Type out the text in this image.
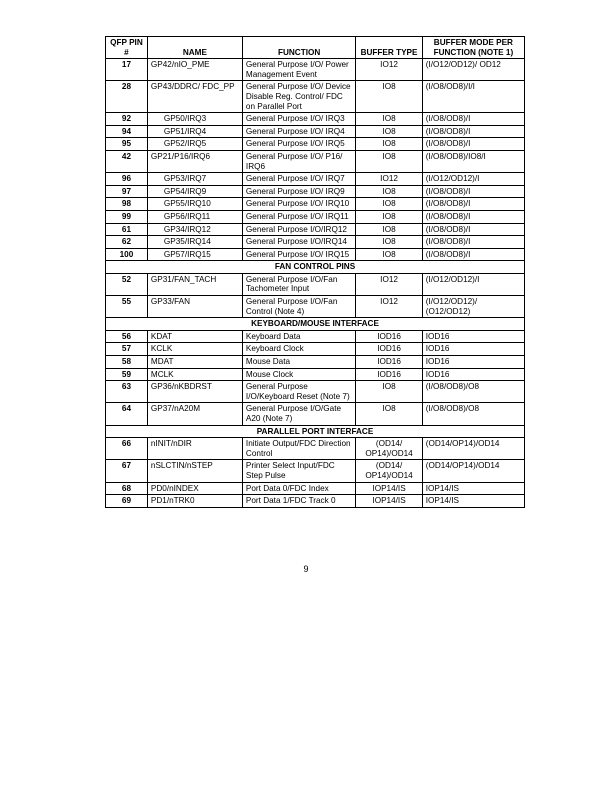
QFP PIN #	NAME	FUNCTION	BUFFER TYPE	BUFFER MODE PER FUNCTION (NOTE 1)
17	GP42/nIO_PME	General Purpose I/O/ Power Management Event	IO12	(I/O12/OD12)/ OD12
28	GP43/DDRC/ FDC_PP	General Purpose I/O/ Device Disable Reg. Control/ FDC on Parallel Port	IO8	(I/O8/OD8)/I/I
92	GP50/IRQ3	General Purpose I/O/ IRQ3	IO8	(I/O8/OD8)/I
94	GP51/IRQ4	General Purpose I/O/ IRQ4	IO8	(I/O8/OD8)/I
95	GP52/IRQ5	General Purpose I/O/ IRQ5	IO8	(I/O8/OD8)/I
42	GP21/P16/IRQ6	General Purpose I/O/ P16/ IRQ6	IO8	(I/O8/OD8)/IO8/I
96	GP53/IRQ7	General Purpose I/O/ IRQ7	IO12	(I/O12/OD12)/I
97	GP54/IRQ9	General Purpose I/O/ IRQ9	IO8	(I/O8/OD8)/I
98	GP55/IRQ10	General Purpose I/O/ IRQ10	IO8	(I/O8/OD8)/I
99	GP56/IRQ11	General Purpose I/O/ IRQ11	IO8	(I/O8/OD8)/I
61	GP34/IRQ12	General Purpose I/O/IRQ12	IO8	(I/O8/OD8)/I
62	GP35/IRQ14	General Purpose I/O/IRQ14	IO8	(I/O8/OD8)/I
100	GP57/IRQ15	General Purpose I/O/ IRQ15	IO8	(I/O8/OD8)/I
FAN CONTROL PINS				
52	GP31/FAN_TACH	General Purpose I/O/Fan Tachometer Input	IO12	(I/O12/OD12)/I
55	GP33/FAN	General Purpose I/O/Fan Control (Note 4)	IO12	(I/O12/OD12)/ (O12/OD12)
KEYBOARD/MOUSE INTERFACE				
56	KDAT	Keyboard Data	IOD16	IOD16
57	KCLK	Keyboard Clock	IOD16	IOD16
58	MDAT	Mouse Data	IOD16	IOD16
59	MCLK	Mouse Clock	IOD16	IOD16
63	GP36/nKBDRST	General Purpose I/O/Keyboard Reset (Note 7)	IO8	(I/O8/OD8)/O8
64	GP37/nA20M	General Purpose I/O/Gate A20 (Note 7)	IO8	(I/O8/OD8)/O8
PARALLEL PORT INTERFACE				
66	nINIT/nDIR	Initiate Output/FDC Direction Control	(OD14/ OP14)/OD14	(OD14/OP14)/OD14
67	nSLCTIN/nSTEP	Printer Select Input/FDC Step Pulse	(OD14/ OP14)/OD14	(OD14/OP14)/OD14
68	PD0/nINDEX	Port Data 0/FDC Index	IOP14/IS	IOP14/IS
69	PD1/nTRK0	Port Data 1/FDC Track 0	IOP14/IS	IOP14/IS
9
